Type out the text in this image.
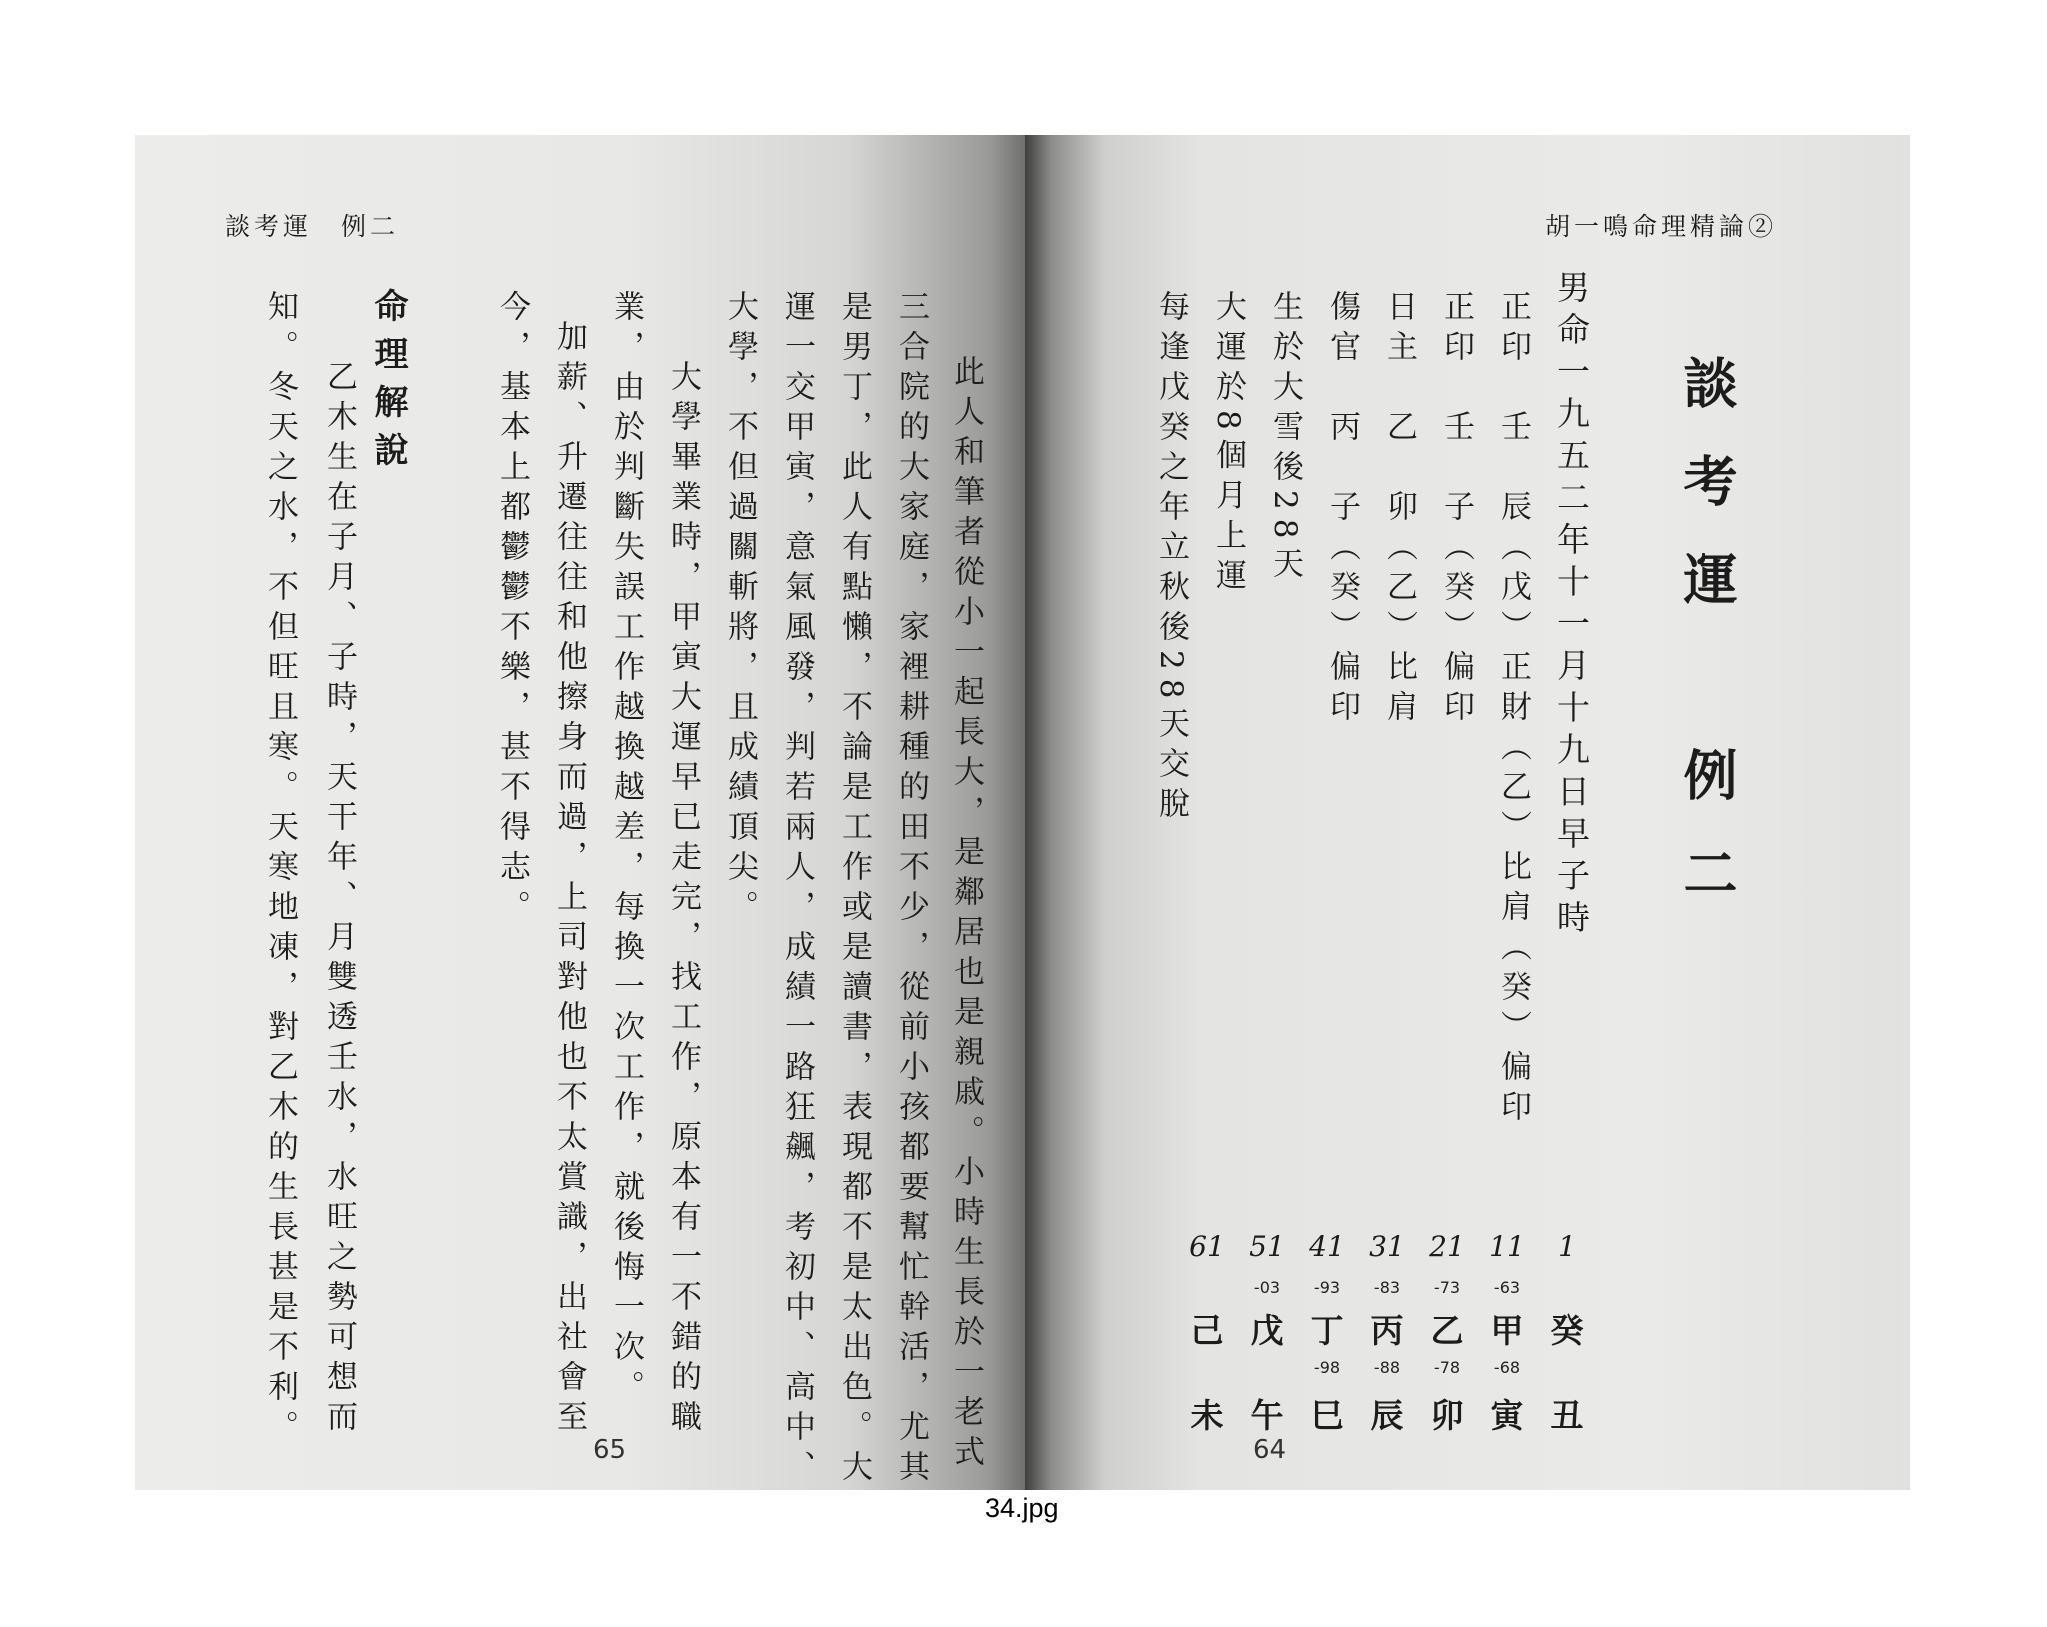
談考運　例二
此人和筆者從小一起長大，是鄰居也是親戚。小時生長於一老式
三合院的大家庭，家裡耕種的田不少，從前小孩都要幫忙幹活，尤其
是男丁，此人有點懶，不論是工作或是讀書，表現都不是太出色。大
運一交甲寅，意氣風發，判若兩人，成績一路狂飆，考初中、高中、
大學，不但過關斬將，且成績頂尖。
　大學畢業時，甲寅大運早已走完，找工作，原本有一不錯的職
業，由於判斷失誤工作越換越差，每換一次工作，就後悔一次。
加薪、升遷往往和他擦身而過，上司對他也不太賞識，出社會至
今，基本上都鬱鬱不樂，甚不得志。
命理解說
　乙木生在子月、子時，天干年、月雙透壬水，水旺之勢可想而
知。冬天之水，不但旺且寒。天寒地凍，對乙木的生長甚是不利。	65
胡一鳴命理精論②
談考運　例二
男命一九五二年十一月十九日早子時
正印　壬　辰（戊）正財（乙）比肩（癸）偏印
正印　壬　子（癸）偏印
日主　乙　卯（乙）比肩
傷官　丙　子（癸）偏印
生於大雪後28天
大運於8個月上運
每逢戊癸之年立秋後28天交脫
1
11
21
31
41
51
61
-63
-73
-83
-93
-03
癸
甲
乙
丙
丁
戊
己
-68
-78
-88
-98
丑
寅
卯
辰
巳
午
未
64
34.jpg
